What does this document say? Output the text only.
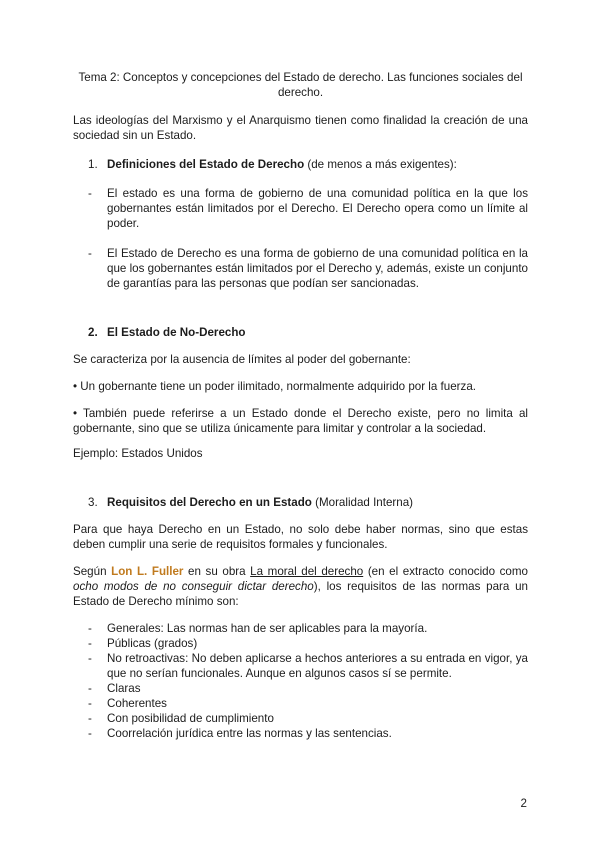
Tema 2: Conceptos y concepciones del Estado de derecho. Las funciones sociales del derecho.

Las ideologías del Marxismo y el Anarquismo tienen como finalidad la creación de una sociedad sin un Estado.

1. Definiciones del Estado de Derecho (de menos a más exigentes):

- El estado es una forma de gobierno de una comunidad política en la que los gobernantes están limitados por el Derecho. El Derecho opera como un límite al poder.

- El Estado de Derecho es una forma de gobierno de una comunidad política en la que los gobernantes están limitados por el Derecho y, además, existe un conjunto de garantías para las personas que podían ser sancionadas.

2. El Estado de No-Derecho

Se caracteriza por la ausencia de límites al poder del gobernante:

• Un gobernante tiene un poder ilimitado, normalmente adquirido por la fuerza.

• También puede referirse a un Estado donde el Derecho existe, pero no limita al gobernante, sino que se utiliza únicamente para limitar y controlar a la sociedad.

Ejemplo: Estados Unidos

3. Requisitos del Derecho en un Estado (Moralidad Interna)

Para que haya Derecho en un Estado, no solo debe haber normas, sino que estas deben cumplir una serie de requisitos formales y funcionales.

Según Lon L. Fuller en su obra La moral del derecho (en el extracto conocido como ocho modos de no conseguir dictar derecho), los requisitos de las normas para un Estado de Derecho mínimo son:

- Generales: Las normas han de ser aplicables para la mayoría.

- Públicas (grados)

- No retroactivas: No deben aplicarse a hechos anteriores a su entrada en vigor, ya que no serían funcionales. Aunque en algunos casos sí se permite.

- Claras

- Coherentes

- Con posibilidad de cumplimiento

- Coorrelación jurídica entre las normas y las sentencias.

2
